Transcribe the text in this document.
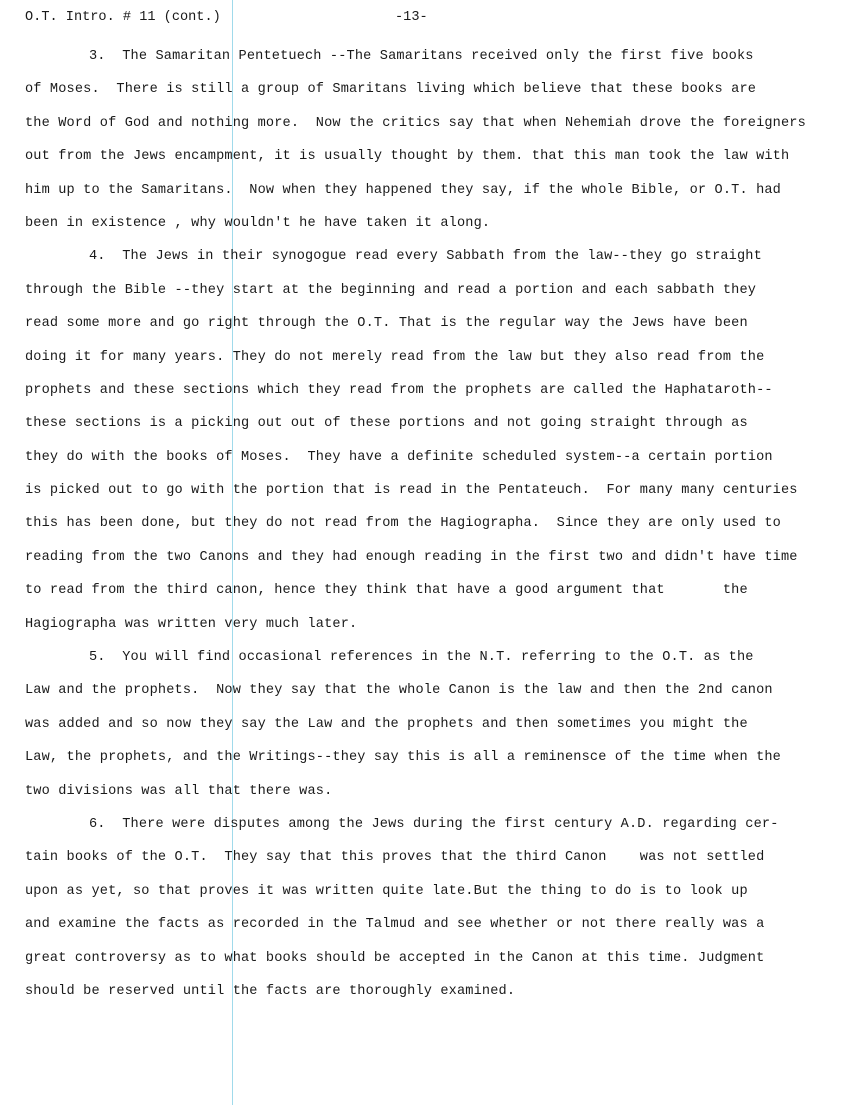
O.T. Intro. # 11 (cont.)

	-13-

3.  The Samaritan Pentetuech --The Samaritans received only the first five books
of Moses.  There is still a group of Smaritans living which believe that these books are
the Word of God and nothing more.  Now the critics say that when Nehemiah drove the foreigners
out from the Jews encampment, it is usually thought by them. that this man took the law with
him up to the Samaritans.  Now when they happened they say, if the whole Bible, or O.T. had
been in existence , why wouldn't he have taken it along.
4.  The Jews in their synogogue read every Sabbath from the law--they go straight
through the Bible --they start at the beginning and read a portion and each sabbath they
read some more and go right through the O.T. That is the regular way the Jews have been
doing it for many years. They do not merely read from the law but they also read from the
prophets and these sections which they read from the prophets are called the Haphataroth--
these sections is a picking out out of these portions and not going straight through as
they do with the books of Moses.  They have a definite scheduled system--a certain portion
is picked out to go with the portion that is read in the Pentateuch.  For many many centuries
this has been done, but they do not read from the Hagiographa.  Since they are only used to
reading from the two Canons and they had enough reading in the first two and didn't have time
to read from the third canon, hence they think that have a good argument that       the
Hagiographa was written very much later.
5.  You will find occasional references in the N.T. referring to the O.T. as the
Law and the prophets.  Now they say that the whole Canon is the law and then the 2nd canon
was added and so now they say the Law and the prophets and then sometimes you might the
Law, the prophets, and the Writings--they say this is all a reminensce of the time when the
two divisions was all that there was.
6.  There were disputes among the Jews during the first century A.D. regarding cer-
tain books of the O.T.  They say that this proves that the third Canon    was not settled
upon as yet, so that proves it was written quite late.But the thing to do is to look up
and examine the facts as recorded in the Talmud and see whether or not there really was a
great controversy as to what books should be accepted in the Canon at this time. Judgment
should be reserved until the facts are thoroughly examined.
